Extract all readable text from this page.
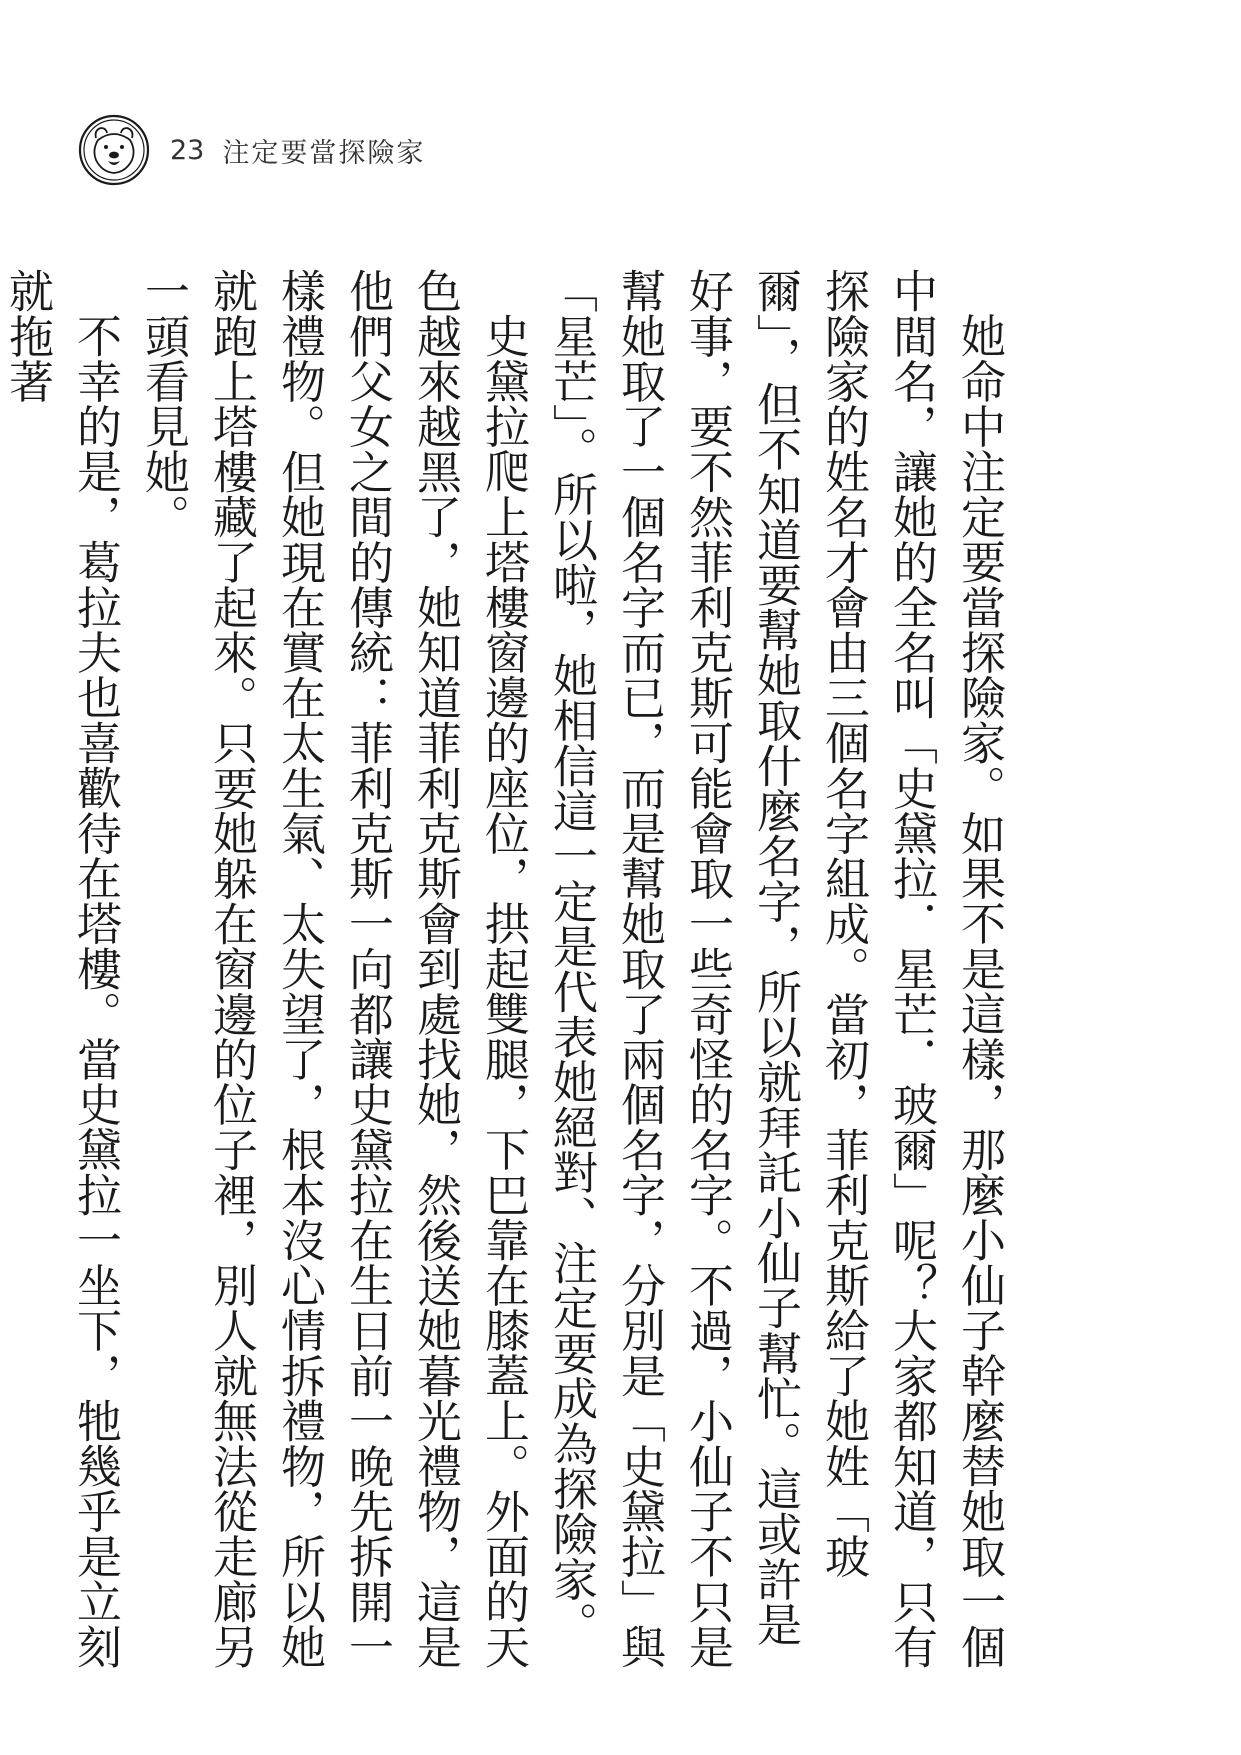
23 注定要當探險家

她命中注定要當探險家。如果不是這樣，那麼小仙子幹麼替她取一個中間名，讓她的全名叫「史黛拉．星芒．玻爾」呢？大家都知道，只有探險家的姓名才會由三個名字組成。當初，菲利克斯給了她姓「玻爾」，但不知道要幫她取什麼名字，所以就拜託小仙子幫忙。這或許是好事，要不然菲利克斯可能會取一些奇怪的名字。不過，小仙子不只是幫她取了一個名字而已，而是幫她取了兩個名字，分別是「史黛拉」與「星芒」。所以啦，她相信這一定是代表她絕對、注定要成為探險家。

史黛拉爬上塔樓窗邊的座位，拱起雙腿，下巴靠在膝蓋上。外面的天色越來越黑了，她知道菲利克斯會到處找她，然後送她暮光禮物，這是他們父女之間的傳統：菲利克斯一向都讓史黛拉在生日前一晚先拆開一樣禮物。但她現在實在太生氣、太失望了，根本沒心情拆禮物，所以她就跑上塔樓藏了起來。只要她躲在窗邊的位子裡，別人就無法從走廊另一頭看見她。

不幸的是，葛拉夫也喜歡待在塔樓。當史黛拉一坐下，牠幾乎是立刻就拖著
